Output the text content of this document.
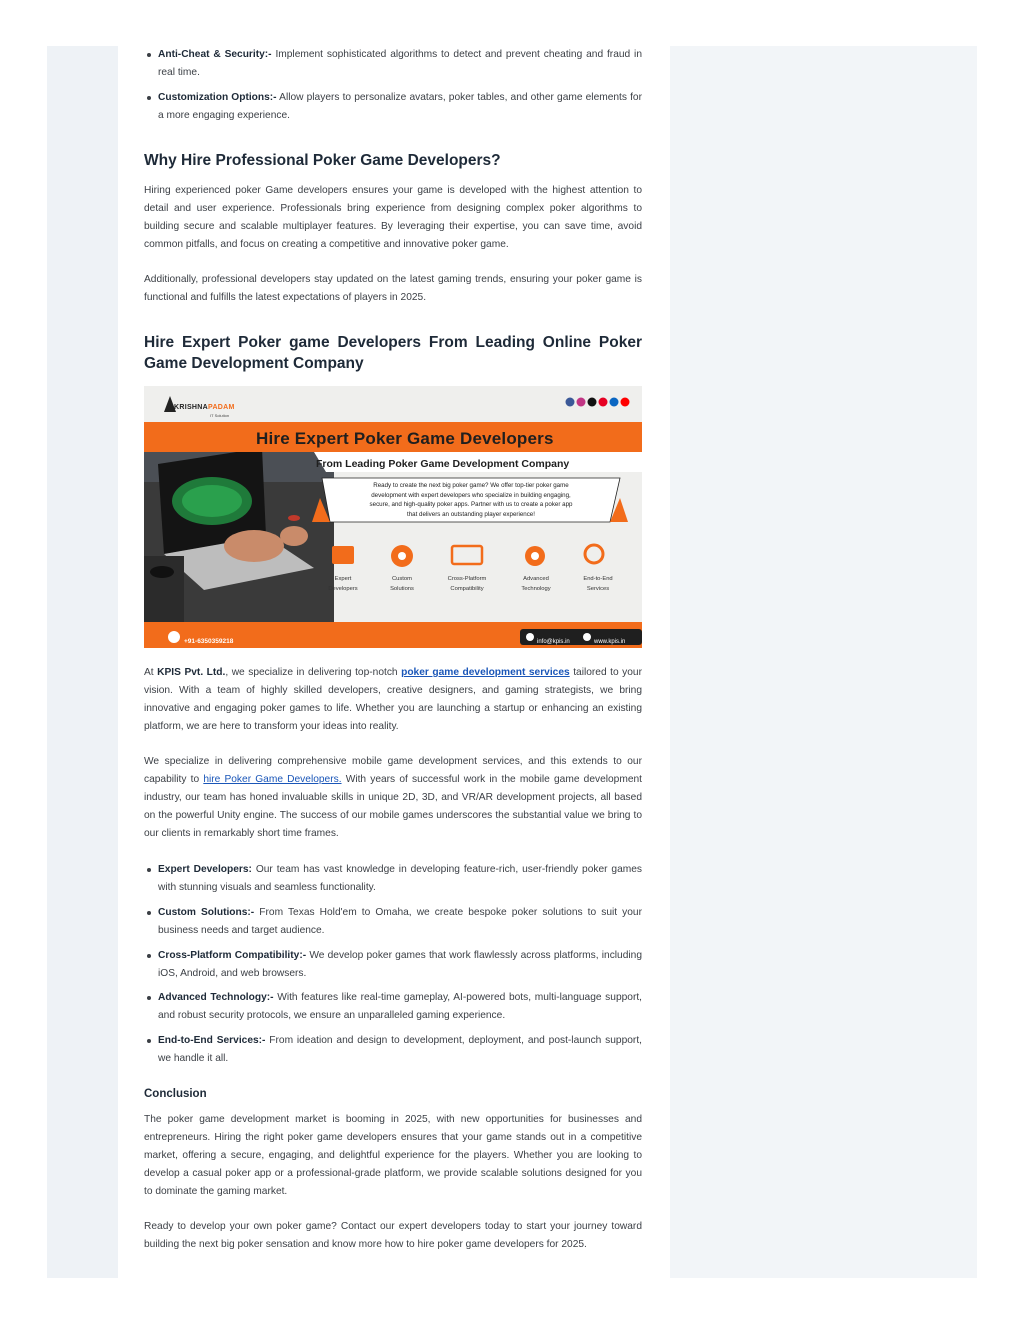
Anti-Cheat & Security:- Implement sophisticated algorithms to detect and prevent cheating and fraud in real time.
Customization Options:- Allow players to personalize avatars, poker tables, and other game elements for a more engaging experience.
Why Hire Professional Poker Game Developers?

Hiring experienced poker Game developers ensures your game is developed with the highest attention to detail and user experience. Professionals bring experience from designing complex poker algorithms to building secure and scalable multiplayer features. By leveraging their expertise, you can save time, avoid common pitfalls, and focus on creating a competitive and innovative poker game.

Additionally, professional developers stay updated on the latest gaming trends, ensuring your poker game is functional and fulfills the latest expectations of players in 2025.

Hire Expert Poker game Developers From Leading Online Poker Game Development Company
KRISHNAPADAM
IT Solution
Hire Expert Poker Game Developers
From Leading Poker Game Development Company
Ready to create the next big poker game? We offer top-tier poker game
development with expert developers who specialize in building engaging,
secure, and high-quality poker apps. Partner with us to create a poker app
that delivers an outstanding player experience!
Expert
Developers
Custom
Solutions
Cross-Platform
Compatibility
Advanced
Technology
End-to-End
Services
+91-6350359218	info@kpis.in	www.kpis.in

At KPIS Pvt. Ltd., we specialize in delivering top-notch poker game development services tailored to your vision. With a team of highly skilled developers, creative designers, and gaming strategists, we bring innovative and engaging poker games to life. Whether you are launching a startup or enhancing an existing platform, we are here to transform your ideas into reality.

We specialize in delivering comprehensive mobile game development services, and this extends to our capability to hire Poker Game Developers. With years of successful work in the mobile game development industry, our team has honed invaluable skills in unique 2D, 3D, and VR/AR development projects, all based on the powerful Unity engine. The success of our mobile games underscores the substantial value we bring to our clients in remarkably short time frames.

Expert Developers: Our team has vast knowledge in developing feature-rich, user-friendly poker games with stunning visuals and seamless functionality.
Custom Solutions:- From Texas Hold'em to Omaha, we create bespoke poker solutions to suit your business needs and target audience.
Cross-Platform Compatibility:- We develop poker games that work flawlessly across platforms, including iOS, Android, and web browsers.
Advanced Technology:- With features like real-time gameplay, AI-powered bots, multi-language support, and robust security protocols, we ensure an unparalleled gaming experience.
End-to-End Services:- From ideation and design to development, deployment, and post-launch support, we handle it all.
Conclusion

The poker game development market is booming in 2025, with new opportunities for businesses and entrepreneurs. Hiring the right poker game developers ensures that your game stands out in a competitive market, offering a secure, engaging, and delightful experience for the players. Whether you are looking to develop a casual poker app or a professional-grade platform, we provide scalable solutions designed for you to dominate the gaming market.

Ready to develop your own poker game? Contact our expert developers today to start your journey toward building the next big poker sensation and know more how to hire poker game developers for 2025.
